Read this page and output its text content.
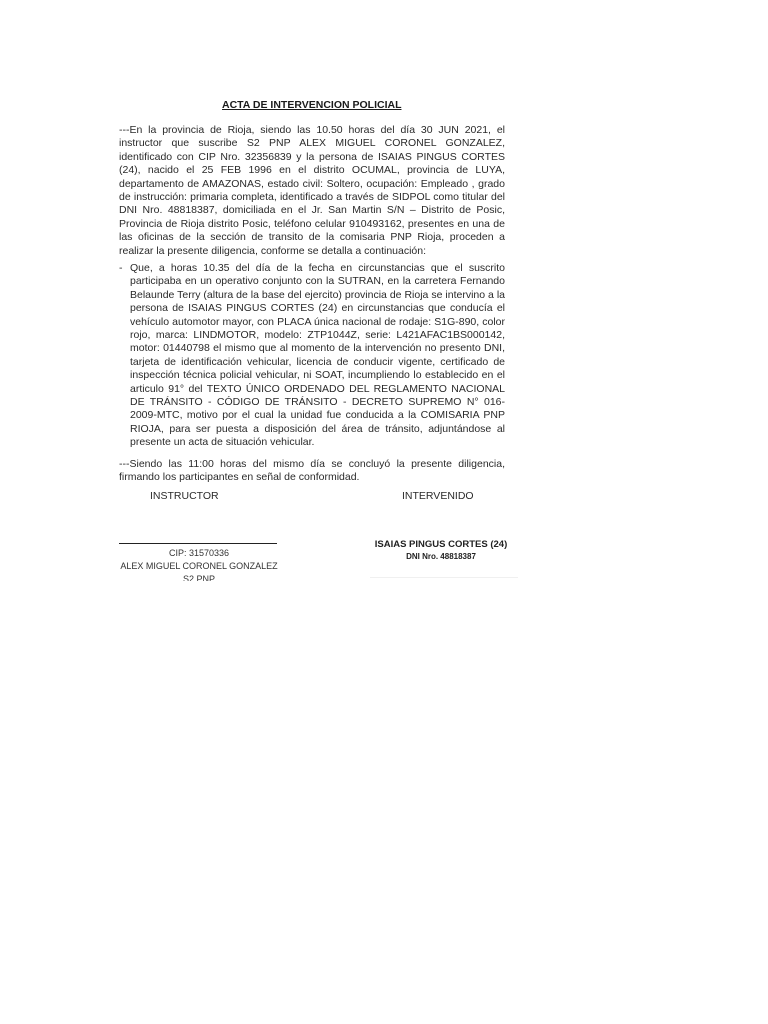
ACTA DE INTERVENCION POLICIAL
---En la provincia de Rioja, siendo las 10.50 horas del día 30 JUN 2021, el instructor que suscribe S2 PNP ALEX MIGUEL CORONEL GONZALEZ, identificado con CIP Nro. 32356839 y la persona de ISAIAS PINGUS CORTES (24), nacido el 25 FEB 1996 en el distrito OCUMAL, provincia de LUYA, departamento de AMAZONAS, estado civil: Soltero, ocupación: Empleado , grado de instrucción: primaria completa, identificado a través de SIDPOL como titular del DNI Nro. 48818387, domiciliada en el Jr. San Martin S/N – Distrito de Posic, Provincia de Rioja distrito Posic, teléfono celular 910493162, presentes en una de las oficinas de la sección de transito de la comisaria PNP Rioja, proceden a realizar la presente diligencia, conforme se detalla a continuación:
- Que, a horas 10.35 del día de la fecha en circunstancias que el suscrito participaba en un operativo conjunto con la SUTRAN, en la carretera Fernando Belaunde Terry (altura de la base del ejercito) provincia de Rioja se intervino a la persona de ISAIAS PINGUS CORTES (24) en circunstancias que conducía el vehículo automotor mayor, con PLACA única nacional de rodaje: S1G-890, color rojo, marca: LINDMOTOR, modelo: ZTP1044Z, serie: L421AFAC1BS000142, motor: 01440798 el mismo que al momento de la intervención no presento DNI, tarjeta de identificación vehicular, licencia de conducir vigente, certificado de inspección técnica policial vehicular, ni SOAT, incumpliendo lo establecido en el articulo 91° del TEXTO ÚNICO ORDENADO DEL REGLAMENTO NACIONAL DE TRÁNSITO - CÓDIGO DE TRÁNSITO - DECRETO SUPREMO N° 016-2009-MTC, motivo por el cual la unidad fue conducida a la COMISARIA PNP RIOJA, para ser puesta a disposición del área de tránsito, adjuntándose al presente un acta de situación vehicular.
---Siendo las 11:00 horas del mismo día se concluyó la presente diligencia, firmando los participantes en señal de conformidad.
INSTRUCTOR	INTERVENIDO
CIP: 31570336
ALEX MIGUEL CORONEL GONZALEZ
S2 PNP
ISAIAS PINGUS CORTES (24)
DNI Nro. 48818387
